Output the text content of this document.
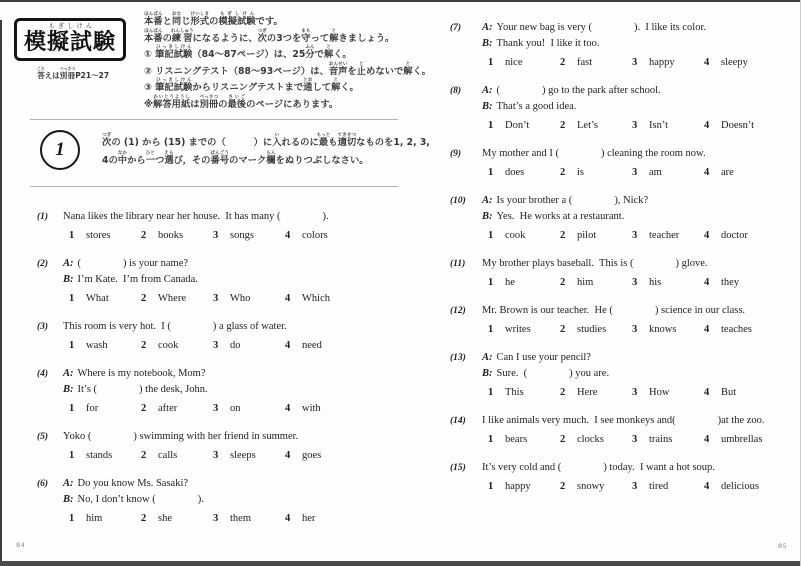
もぎしけん
模擬試験
答こたえは別冊べっさつP21～27
本番ほんばんと同おなじ形式けいしきの模擬試験もぎしけんです。
本番ほんばんの練習れんしゅうになるように、次つぎの3つを守まもって解ときましょう。
① 筆記試験ひっきしけん（84～87ページ）は、25分ふんで解とく。
② リスニングテスト（88～93ページ）は、音声おんせいを止とめないで解とく。
③ 筆記試験ひっきしけんからリスニングテストまで通とおして解とく。
※解答用紙かいとうようしは別冊べっさつの最後さいごのページにあります。
1	次つぎの (1) から (15) までの（　　　）に入いれるのに最もっとも適切てきせつなものを1, 2, 3,
4の中なかから一ひとつ選えらび，その番号ばんごうのマーク欄らんをぬりつぶしなさい。
(1)	Nana likes the library near her house.  It has many (	).
1	stores	2	books	3	songs	4	colors
(2)	A: (	) is your name?
B: I’m Kate.  I’m from Canada.
1	What	2	Where	3	Who	4	Which
(3)	This room is very hot.  I (	) a glass of water.
1	wash	2	cook	3	do	4	need
(4)	A: Where is my notebook, Mom?
B: It’s (	) the desk, John.
1	for	2	after	3	on	4	with
(5)	Yoko (	) swimming with her friend in summer.
1	stands	2	calls	3	sleeps	4	goes
(6)	A: Do you know Ms. Sasaki?
B: No, I don’t know (	).
1	him	2	she	3	them	4	her
(7)	A: Your new bag is very (	).  I like its color.
B: Thank you!  I like it too.
1	nice	2	fast	3	happy	4	sleepy
(8)	A: (	) go to the park after school.
B: That’s a good idea.
1	Don’t	2	Let’s	3	Isn’t	4	Doesn’t
(9)	My mother and I (	) cleaning the room now.
1	does	2	is	3	am	4	are
(10)	A: Is your brother a (	), Nick?
B: Yes.  He works at a restaurant.
1	cook	2	pilot	3	teacher 4	doctor
(11)	My brother plays baseball.  This is (	) glove.
1	he	2	him	3	his	4	they
(12)	Mr. Brown is our teacher.  He (	) science in our class.
1	writes	2	studies 3	knows	4	teaches
(13)	A: Can I use your pencil?
B: Sure.  (	) you are.
1	This	2	Here	3	How	4	But
(14)	I like animals very much.  I see monkeys and(	)at the zoo.
1	bears	2	clocks	3	trains	4	umbrellas
(15)	It’s very cold and (	) today.  I want a hot soup.
1	happy	2	snowy	3	tired	4	delicious
84	85
